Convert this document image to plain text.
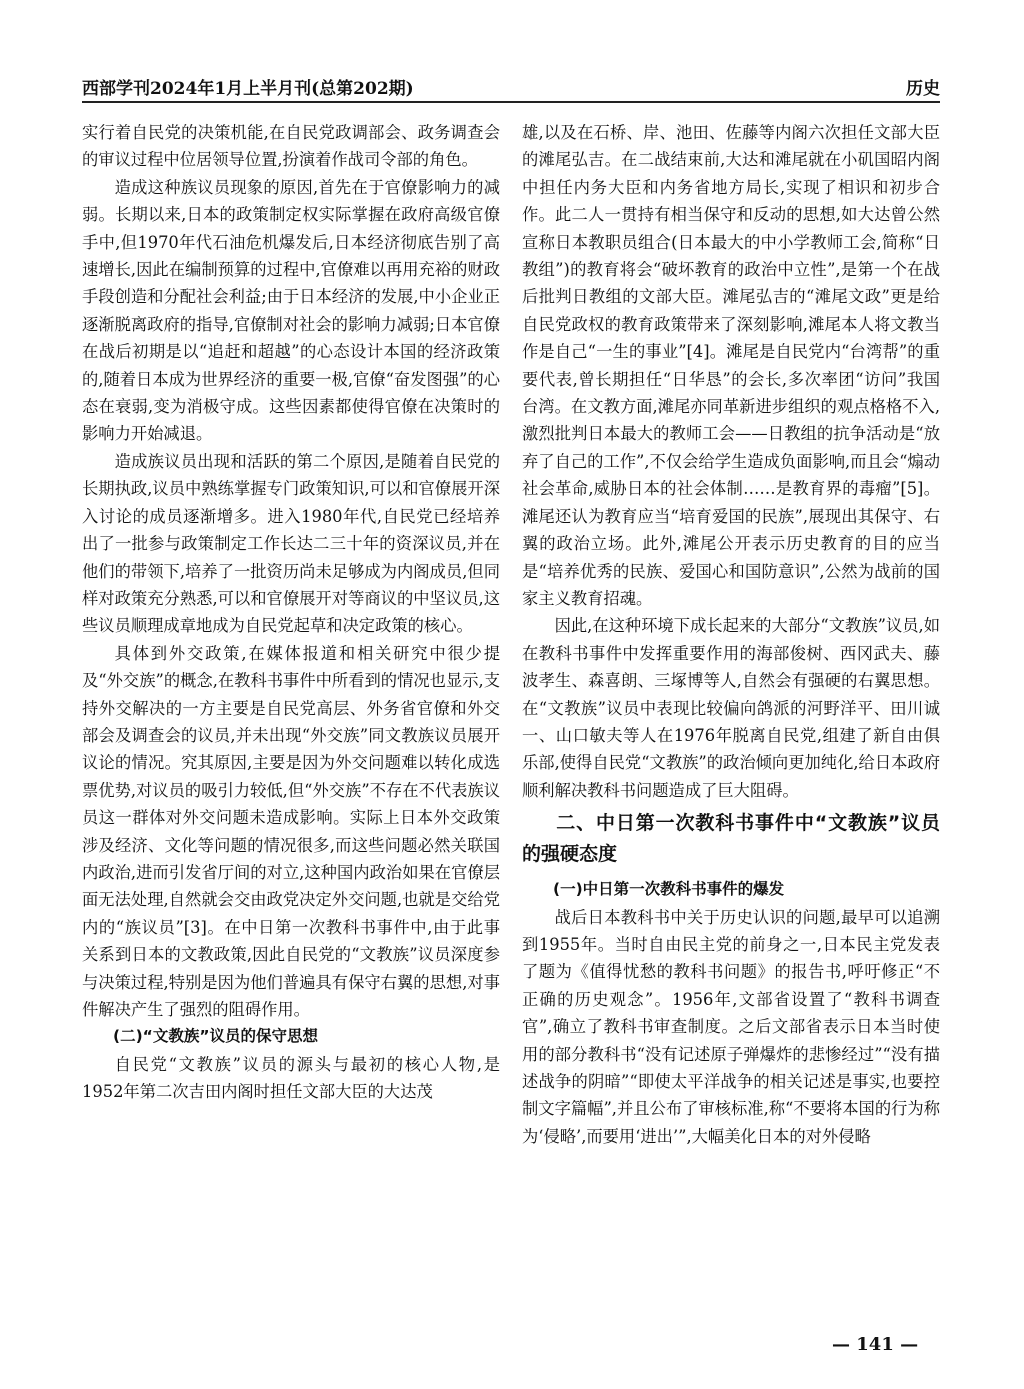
西部学刊2024年1月上半月刊(总第202期)	历史

实行着自民党的决策机能,在自民党政调部会、政务调查会的审议过程中位居领导位置,扮演着作战司令部的角色。

造成这种族议员现象的原因,首先在于官僚影响力的减弱。长期以来,日本的政策制定权实际掌握在政府高级官僚手中,但1970年代石油危机爆发后,日本经济彻底告别了高速增长,因此在编制预算的过程中,官僚难以再用充裕的财政手段创造和分配社会利益;由于日本经济的发展,中小企业正逐渐脱离政府的指导,官僚制对社会的影响力减弱;日本官僚在战后初期是以“追赶和超越”的心态设计本国的经济政策的,随着日本成为世界经济的重要一极,官僚“奋发图强”的心态在衰弱,变为消极守成。这些因素都使得官僚在决策时的影响力开始减退。

造成族议员出现和活跃的第二个原因,是随着自民党的长期执政,议员中熟练掌握专门政策知识,可以和官僚展开深入讨论的成员逐渐增多。进入1980年代,自民党已经培养出了一批参与政策制定工作长达二三十年的资深议员,并在他们的带领下,培养了一批资历尚未足够成为内阁成员,但同样对政策充分熟悉,可以和官僚展开对等商议的中坚议员,这些议员顺理成章地成为自民党起草和决定政策的核心。

具体到外交政策,在媒体报道和相关研究中很少提及“外交族”的概念,在教科书事件中所看到的情况也显示,支持外交解决的一方主要是自民党高层、外务省官僚和外交部会及调查会的议员,并未出现“外交族”同文教族议员展开议论的情况。究其原因,主要是因为外交问题难以转化成选票优势,对议员的吸引力较低,但“外交族”不存在不代表族议员这一群体对外交问题未造成影响。实际上日本外交政策涉及经济、文化等问题的情况很多,而这些问题必然关联国内政治,进而引发省厅间的对立,这种国内政治如果在官僚层面无法处理,自然就会交由政党决定外交问题,也就是交给党内的“族议员”[3]。在中日第一次教科书事件中,由于此事关系到日本的文教政策,因此自民党的“文教族”议员深度参与决策过程,特别是因为他们普遍具有保守右翼的思想,对事件解决产生了强烈的阻碍作用。

(二)“文教族”议员的保守思想

自民党“文教族”议员的源头与最初的核心人物,是1952年第二次吉田内阁时担任文部大臣的大达茂

雄,以及在石桥、岸、池田、佐藤等内阁六次担任文部大臣的滩尾弘吉。在二战结束前,大达和滩尾就在小矶国昭内阁中担任内务大臣和内务省地方局长,实现了相识和初步合作。此二人一贯持有相当保守和反动的思想,如大达曾公然宣称日本教职员组合(日本最大的中小学教师工会,简称“日教组”)的教育将会“破坏教育的政治中立性”,是第一个在战后批判日教组的文部大臣。滩尾弘吉的“滩尾文政”更是给自民党政权的教育政策带来了深刻影响,滩尾本人将文教当作是自己“一生的事业”[4]。滩尾是自民党内“台湾帮”的重要代表,曾长期担任“日华恳”的会长,多次率团“访问”我国台湾。在文教方面,滩尾亦同革新进步组织的观点格格不入,激烈批判日本最大的教师工会——日教组的抗争活动是“放弃了自己的工作”,不仅会给学生造成负面影响,而且会“煽动社会革命,威胁日本的社会体制……是教育界的毒瘤”[5]。滩尾还认为教育应当“培育爱国的民族”,展现出其保守、右翼的政治立场。此外,滩尾公开表示历史教育的目的应当是“培养优秀的民族、爱国心和国防意识”,公然为战前的国家主义教育招魂。

因此,在这种环境下成长起来的大部分“文教族”议员,如在教科书事件中发挥重要作用的海部俊树、西冈武夫、藤波孝生、森喜朗、三塚博等人,自然会有强硬的右翼思想。在“文教族”议员中表现比较偏向鸽派的河野洋平、田川诚一、山口敏夫等人在1976年脱离自民党,组建了新自由俱乐部,使得自民党“文教族”的政治倾向更加纯化,给日本政府顺利解决教科书问题造成了巨大阻碍。

二、中日第一次教科书事件中“文教族”议员的强硬态度
(一)中日第一次教科书事件的爆发

战后日本教科书中关于历史认识的问题,最早可以追溯到1955年。当时自由民主党的前身之一,日本民主党发表了题为《值得忧愁的教科书问题》的报告书,呼吁修正“不正确的历史观念”。1956年,文部省设置了“教科书调查官”,确立了教科书审查制度。之后文部省表示日本当时使用的部分教科书“没有记述原子弹爆炸的悲惨经过”“没有描述战争的阴暗”“即使太平洋战争的相关记述是事实,也要控制文字篇幅”,并且公布了审核标准,称“不要将本国的行为称为‘侵略’,而要用‘进出’”,大幅美化日本的对外侵略

— 141 —
